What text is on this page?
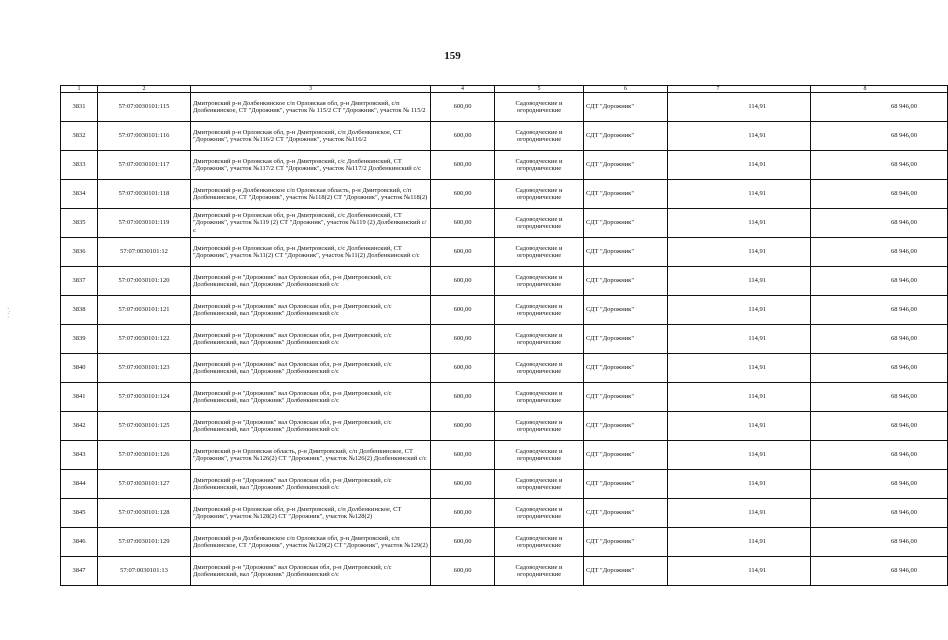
159
· ·. ·
1	2	3	4	5	6	7	8
3831	57:07:0030101:115	Дмитровский р-н Долбенкинское с/п Орловская обл, р-н Дмитровский, с/п Долбенкинское, СТ "Дорожник", участок № 115/2 СТ "Дорожник", участок № 115/2	600,00	Садоводческие и огороднические	СДТ "Дорожник"	114,91	68 946,00
3832	57:07:0030101:116	Дмитровский р-н Орловская обл, р-н Дмитровский, с/п Долбенкинское, СТ "Дорожник", участок №116/2 СТ "Дорожник", участок №116/2	600,00	Садоводческие и огороднические	СДТ "Дорожник"	114,91	68 946,00
3833	57:07:0030101:117	Дмитровский р-н Орловская обл, р-н Дмитровский, с/с Долбенкинский, СТ "Дорожник", участок №117/2 СТ "Дорожник", участок №117/2 Долбенкинский с/с	600,00	Садоводческие и огороднические	СДТ "Дорожник"	114,91	68 946,00
3834	57:07:0030101:118	Дмитровский р-н Долбенкинское с/п Орловская область, р-н Дмитровский, с/п Долбенкинское, СТ "Дорожник", участок №118(2) СТ "Дорожник", участок №118(2)	600,00	Садоводческие и огороднические	СДТ "Дорожник"	114,91	68 946,00
3835	57:07:0030101:119	Дмитровский р-н Орловская обл, р-н Дмитровский, с/с Долбенкинский, СТ "Дорожник", участок №119 (2) СТ "Дорожник", участок №119 (2) Долбенкинский с/с	600,00	Садоводческие и огороднические	СДТ "Дорожник"	114,91	68 946,00
3836	57:07:0030101:12	Дмитровский р-н Орловская обл, р-н Дмитровский, с/с Долбенкинский, СТ "Дорожник", участок №11(2) СТ "Дорожник", участок №11(2) Долбенкинский с/с	600,00	Садоводческие и огороднические	СДТ "Дорожник"	114,91	68 946,00
3837	57:07:0030101:120	Дмитровский р-н "Дорожник" вал Орловская обл, р-н Дмитровский, с/с Долбенкинский, вал "Дорожник" Долбенкинский с/с	600,00	Садоводческие и огороднические	СДТ "Дорожник"	114,91	68 946,00
3838	57:07:0030101:121	Дмитровский р-н "Дорожник" вал Орловская обл, р-н Дмитровский, с/с Долбенкинский, вал "Дорожник" Долбенкинский с/с	600,00	Садоводческие и огороднические	СДТ "Дорожник"	114,91	68 946,00
3839	57:07:0030101:122	Дмитровский р-н "Дорожник" вал Орловская обл, р-н Дмитровский, с/с Долбенкинский, вал "Дорожник" Долбенкинский с/с	600,00	Садоводческие и огороднические	СДТ "Дорожник"	114,91	68 946,00
3840	57:07:0030101:123	Дмитровский р-н "Дорожник" вал Орловская обл, р-н Дмитровский, с/с Долбенкинский, вал "Дорожник" Долбенкинский с/с	600,00	Садоводческие и огороднические	СДТ "Дорожник"	114,91	68 946,00
3841	57:07:0030101:124	Дмитровский р-н "Дорожник" вал Орловская обл, р-н Дмитровский, с/с Долбенкинский, вал "Дорожник" Долбенкинский с/с	600,00	Садоводческие и огороднические	СДТ "Дорожник"	114,91	68 946,00
3842	57:07:0030101:125	Дмитровский р-н "Дорожник" вал Орловская обл, р-н Дмитровский, с/с Долбенкинский, вал "Дорожник" Долбенкинский с/с	600,00	Садоводческие и огороднические	СДТ "Дорожник"	114,91	68 946,00
3843	57:07:0030101:126	Дмитровский р-н Орловская область, р-н Дмитровский, с/п Долбенкинское, СТ "Дорожник", участок №126(2) СТ "Дорожник", участок №126(2) Долбенкинский с/с	600,00	Садоводческие и огороднические	СДТ "Дорожник"	114,91	68 946,00
3844	57:07:0030101:127	Дмитровский р-н "Дорожник" вал Орловская обл, р-н Дмитровский, с/с Долбенкинский, вал "Дорожник" Долбенкинский с/с	600,00	Садоводческие и огороднические	СДТ "Дорожник"	114,91	68 946,00
3845	57:07:0030101:128	Дмитровский р-н Орловская обл, р-н Дмитровский, с/п Долбенкинское, СТ "Дорожник", участок №128(2) СТ "Дорожник", участок №128(2)	600,00	Садоводческие и огороднические	СДТ "Дорожник"	114,91	68 946,00
3846	57:07:0030101:129	Дмитровский р-н Долбенкинское с/п Орловская обл, р-н Дмитровский, с/п Долбенкинское, СТ "Дорожник", участок №129(2) СТ "Дорожник", участок №129(2)	600,00	Садоводческие и огороднические	СДТ "Дорожник"	114,91	68 946,00
3847	57:07:0030101:13	Дмитровский р-н "Дорожник" вал Орловская обл, р-н Дмитровский, с/с Долбенкинский, вал "Дорожник" Долбенкинский с/с	600,00	Садоводческие и огороднические	СДТ "Дорожник"	114,91	68 946,00
